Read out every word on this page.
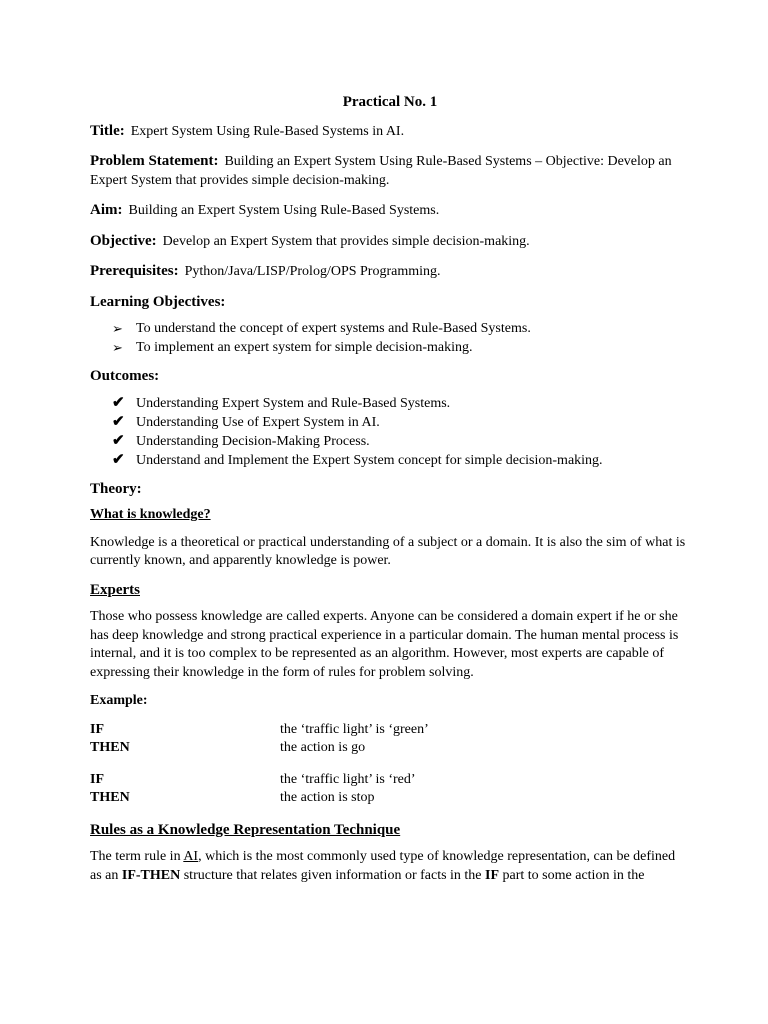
Practical No. 1
Title: Expert System Using Rule-Based Systems in AI.
Problem Statement: Building an Expert System Using Rule-Based Systems – Objective: Develop an Expert System that provides simple decision-making.
Aim: Building an Expert System Using Rule-Based Systems.
Objective: Develop an Expert System that provides simple decision-making.
Prerequisites: Python/Java/LISP/Prolog/OPS Programming.
Learning Objectives:
➢ To understand the concept of expert systems and Rule-Based Systems.
➢ To implement an expert system for simple decision-making.
Outcomes:
✔ Understanding Expert System and Rule-Based Systems.
✔ Understanding Use of Expert System in AI.
✔ Understanding Decision-Making Process.
✔ Understand and Implement the Expert System concept for simple decision-making.
Theory:
What is knowledge?

Knowledge is a theoretical or practical understanding of a subject or a domain. It is also the sim of what is currently known, and apparently knowledge is power.

Experts

Those who possess knowledge are called experts. Anyone can be considered a domain expert if he or she has deep knowledge and strong practical experience in a particular domain. The human mental process is internal, and it is too complex to be represented as an algorithm. However, most experts are capable of expressing their knowledge in the form of rules for problem solving.

Example:
IF	the ‘traffic light’ is ‘green’
THEN	the action is go
IF	the ‘traffic light’ is ‘red’
THEN	the action is stop
Rules as a Knowledge Representation Technique

The term rule in AI, which is the most commonly used type of knowledge representation, can be defined as an IF-THEN structure that relates given information or facts in the IF part to some action in the
